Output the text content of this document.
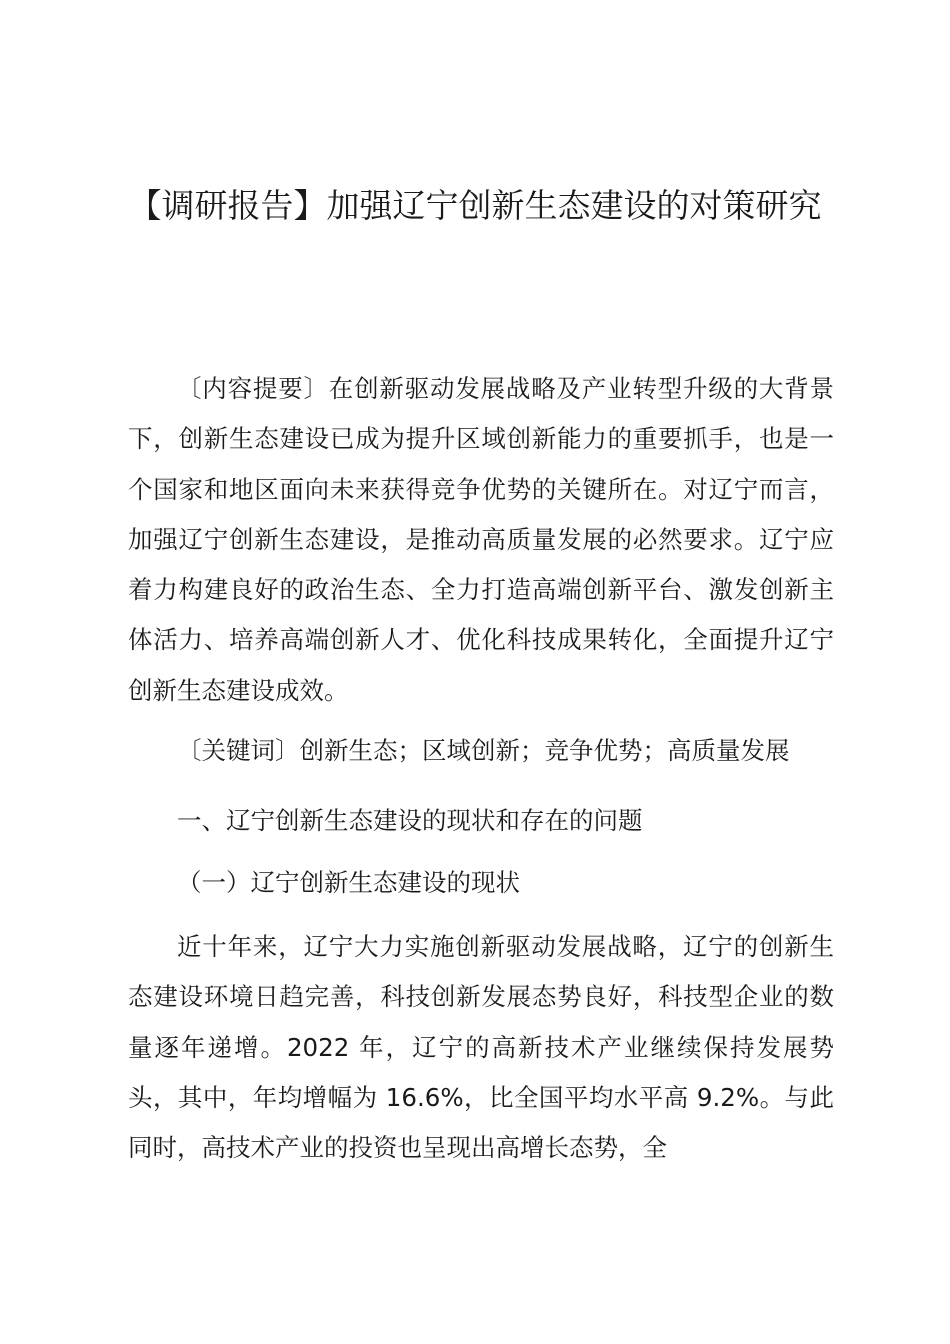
【调研报告】加强辽宁创新生态建设的对策研究

〔内容提要〕在创新驱动发展战略及产业转型升级的大背景下，创新生态建设已成为提升区域创新能力的重要抓手，也是一个国家和地区面向未来获得竞争优势的关键所在。对辽宁而言，加强辽宁创新生态建设，是推动高质量发展的必然要求。辽宁应着力构建良好的政治生态、全力打造高端创新平台、激发创新主体活力、培养高端创新人才、优化科技成果转化，全面提升辽宁创新生态建设成效。

〔关键词〕创新生态；区域创新；竞争优势；高质量发展

一、辽宁创新生态建设的现状和存在的问题

（一）辽宁创新生态建设的现状

近十年来，辽宁大力实施创新驱动发展战略，辽宁的创新生态建设环境日趋完善，科技创新发展态势良好，科技型企业的数量逐年递增。2022 年，辽宁的高新技术产业继续保持发展势头，其中，年均增幅为 16.6%，比全国平均水平高 9.2%。与此同时，高技术产业的投资也呈现出高增长态势，全
